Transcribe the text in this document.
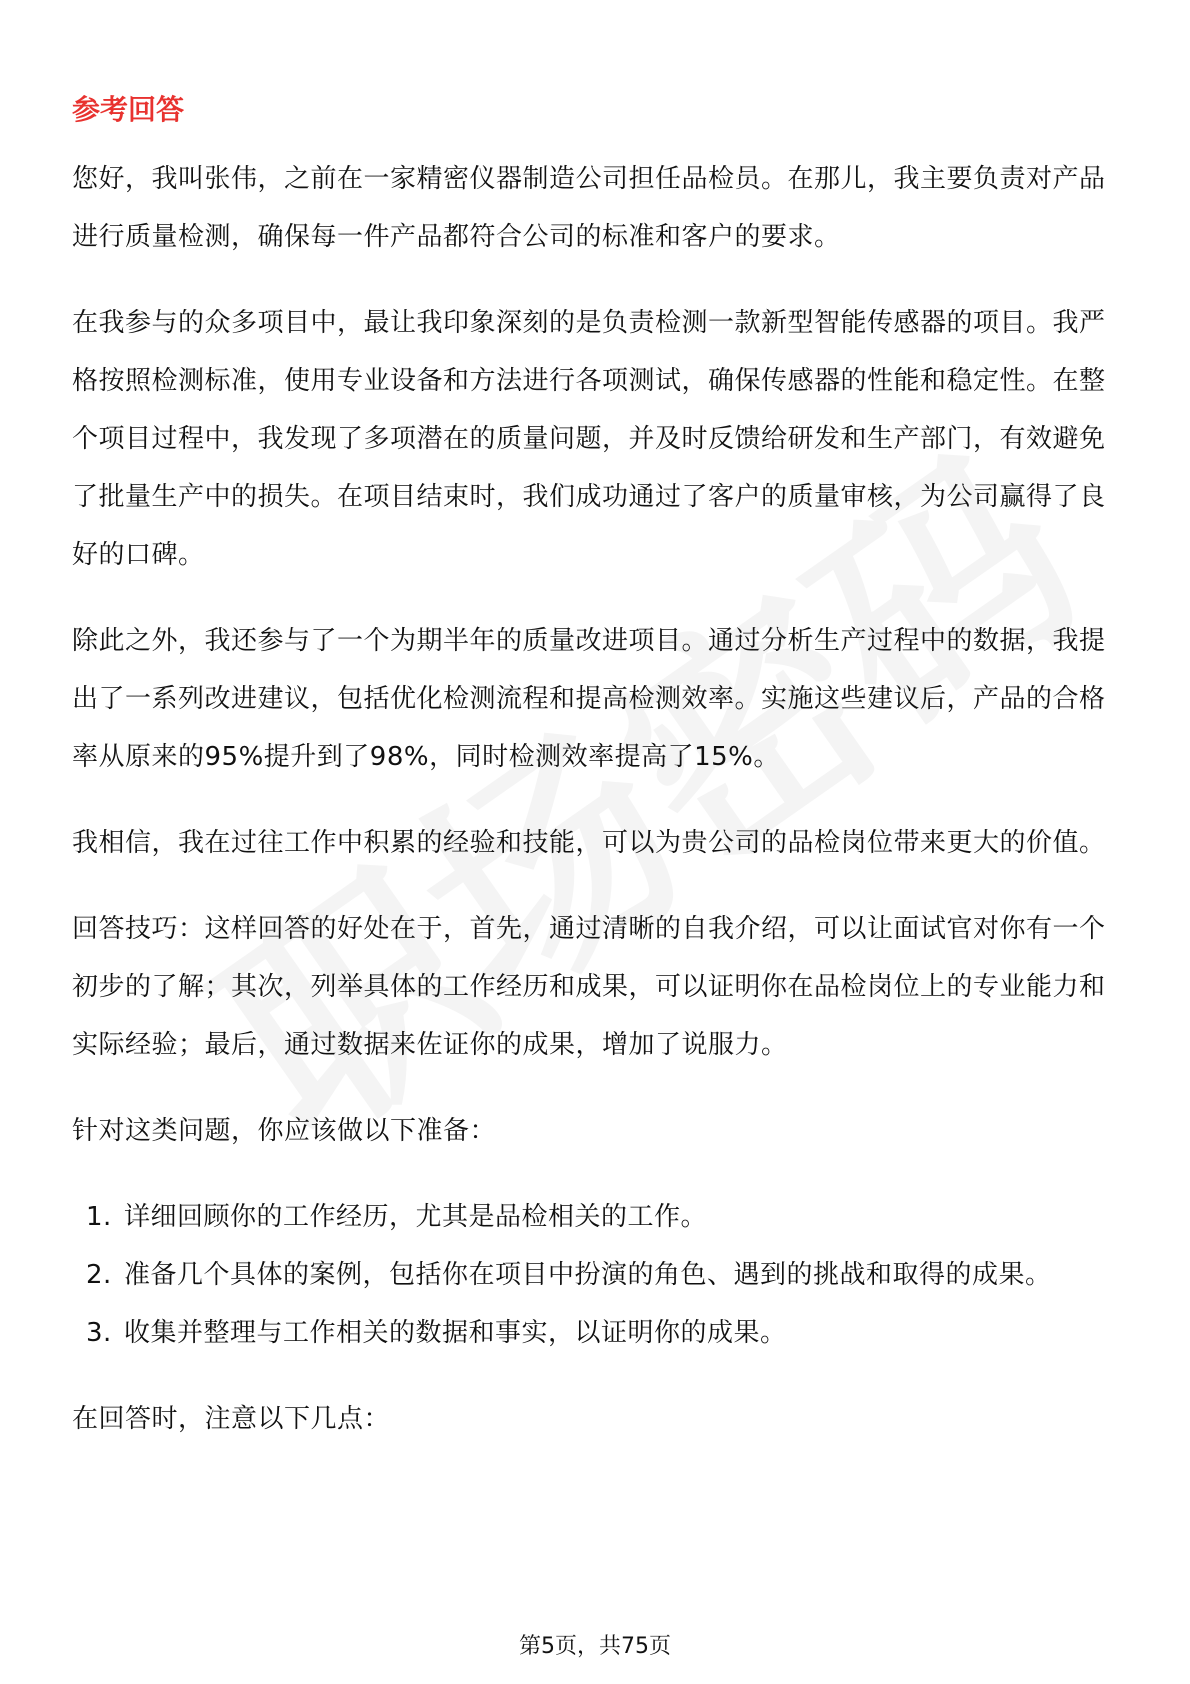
参考回答

您好，我叫张伟，之前在一家精密仪器制造公司担任品检员。在那儿，我主要负责对产品进行质量检测，确保每一件产品都符合公司的标准和客户的要求。

在我参与的众多项目中，最让我印象深刻的是负责检测一款新型智能传感器的项目。我严格按照检测标准，使用专业设备和方法进行各项测试，确保传感器的性能和稳定性。在整个项目过程中，我发现了多项潜在的质量问题，并及时反馈给研发和生产部门，有效避免了批量生产中的损失。在项目结束时，我们成功通过了客户的质量审核，为公司赢得了良好的口碑。

除此之外，我还参与了一个为期半年的质量改进项目。通过分析生产过程中的数据，我提出了一系列改进建议，包括优化检测流程和提高检测效率。实施这些建议后，产品的合格率从原来的95%提升到了98%，同时检测效率提高了15%。

我相信，我在过往工作中积累的经验和技能，可以为贵公司的品检岗位带来更大的价值。

回答技巧：这样回答的好处在于，首先，通过清晰的自我介绍，可以让面试官对你有一个初步的了解；其次，列举具体的工作经历和成果，可以证明你在品检岗位上的专业能力和实际经验；最后，通过数据来佐证你的成果，增加了说服力。

针对这类问题，你应该做以下准备：

1. 详细回顾你的工作经历，尤其是品检相关的工作。
2. 准备几个具体的案例，包括你在项目中扮演的角色、遇到的挑战和取得的成果。
3. 收集并整理与工作相关的数据和事实，以证明你的成果。

在回答时，注意以下几点：

第5页，共75页
